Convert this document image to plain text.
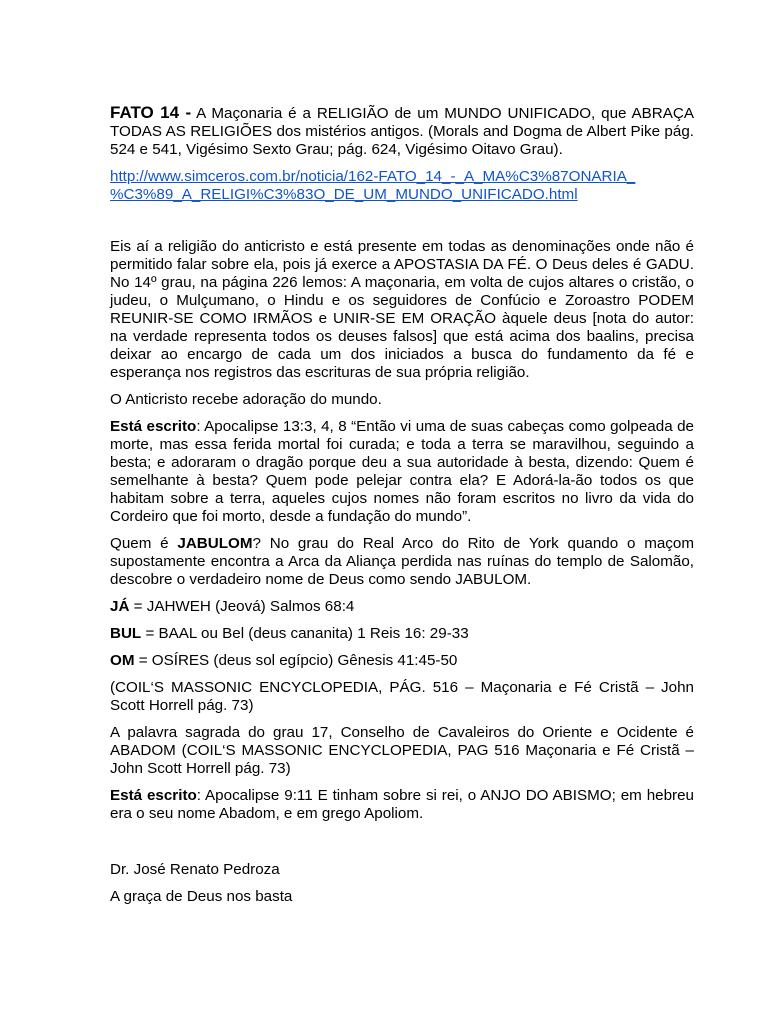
FATO 14 - A Maçonaria é a RELIGIÃO de um MUNDO UNIFICADO, que ABRAÇA TODAS AS RELIGIÕES dos mistérios antigos. (Morals and Dogma de Albert Pike pág. 524 e 541, Vigésimo Sexto Grau; pág. 624, Vigésimo Oitavo Grau).

http://www.simceros.com.br/noticia/162-FATO_14_-_A_MA%C3%87ONARIA_
%C3%89_A_RELIGI%C3%83O_DE_UM_MUNDO_UNIFICADO.html

Eis aí a religião do anticristo e está presente em todas as denominações onde não é permitido falar sobre ela, pois já exerce a APOSTASIA DA FÉ. O Deus deles é GADU. No 14º grau, na página 226 lemos: A maçonaria, em volta de cujos altares o cristão, o judeu, o Mulçumano, o Hindu e os seguidores de Confúcio e Zoroastro PODEM REUNIR-SE COMO IRMÃOS e UNIR-SE EM ORAÇÃO àquele deus [nota do autor: na verdade representa todos os deuses falsos] que está acima dos baalins, precisa deixar ao encargo de cada um dos iniciados a busca do fundamento da fé e esperança nos registros das escrituras de sua própria religião.

O Anticristo recebe adoração do mundo.

Está escrito: Apocalipse 13:3, 4, 8 “Então vi uma de suas cabeças como golpeada de morte, mas essa ferida mortal foi curada; e toda a terra se maravilhou, seguindo a besta; e adoraram o dragão porque deu a sua autoridade à besta, dizendo: Quem é semelhante à besta? Quem pode pelejar contra ela? E Adorá-la-ão todos os que habitam sobre a terra, aqueles cujos nomes não foram escritos no livro da vida do Cordeiro que foi morto, desde a fundação do mundo”.

Quem é JABULOM? No grau do Real Arco do Rito de York quando o maçom supostamente encontra a Arca da Aliança perdida nas ruínas do templo de Salomão, descobre o verdadeiro nome de Deus como sendo JABULOM.

JÁ = JAHWEH (Jeová) Salmos 68:4

BUL = BAAL ou Bel (deus cananita) 1 Reis 16: 29-33

OM = OSÍRES (deus sol egípcio) Gênesis 41:45-50

(COIL‘S MASSONIC ENCYCLOPEDIA, PÁG. 516 – Maçonaria e Fé Cristã – John Scott Horrell pág. 73)

A palavra sagrada do grau 17, Conselho de Cavaleiros do Oriente e Ocidente é ABADOM (COIL‘S MASSONIC ENCYCLOPEDIA, PAG 516 Maçonaria e Fé Cristã – John Scott Horrell pág. 73)

Está escrito: Apocalipse 9:11 E tinham sobre si rei, o ANJO DO ABISMO; em hebreu era o seu nome Abadom, e em grego Apoliom.

Dr. José Renato Pedroza

A graça de Deus nos basta
